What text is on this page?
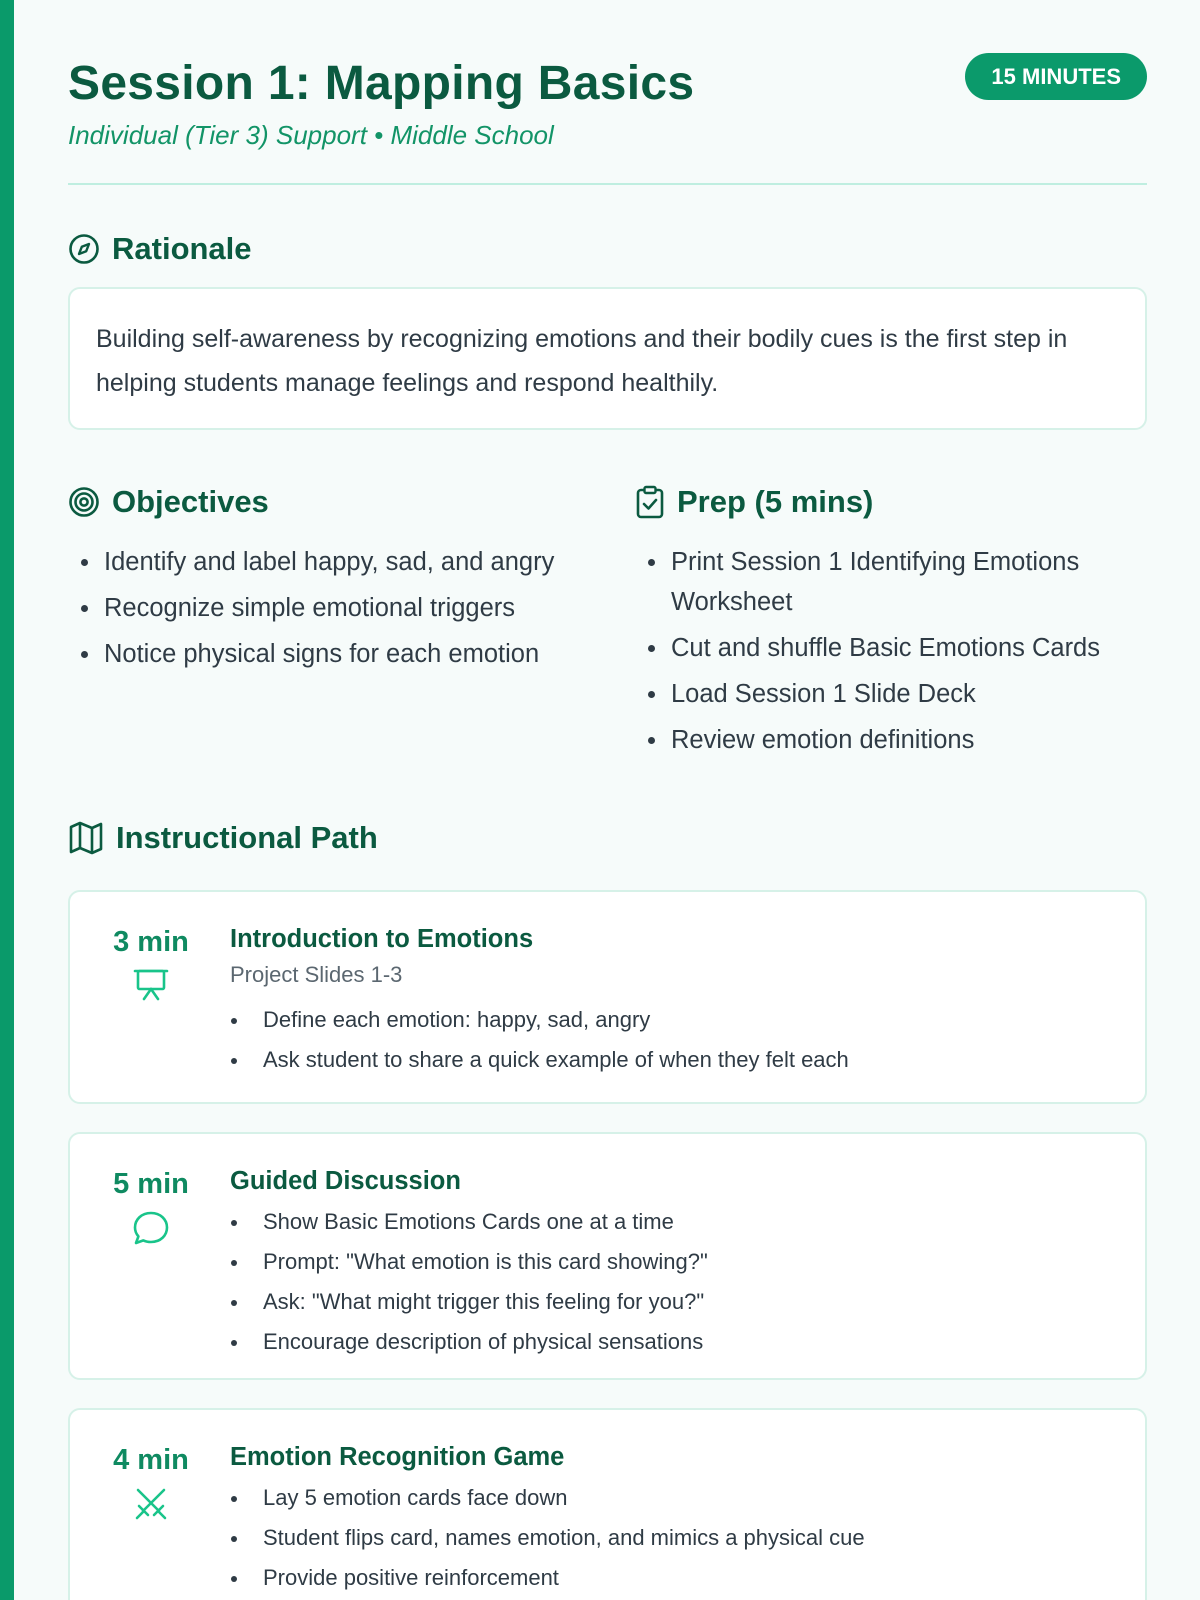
Session 1: Mapping Basics
Individual (Tier 3) Support • Middle School
15 MINUTES
Rationale
Building self-awareness by recognizing emotions and their bodily cues is the first step in helping students manage feelings and respond healthily.
Objectives
Identify and label happy, sad, and angry
Recognize simple emotional triggers
Notice physical signs for each emotion
Prep (5 mins)
Print Session 1 Identifying Emotions Worksheet
Cut and shuffle Basic Emotions Cards
Load Session 1 Slide Deck
Review emotion definitions
Instructional Path
3 min	Introduction to Emotions
Project Slides 1-3
Define each emotion: happy, sad, angry
Ask student to share a quick example of when they felt each
5 min	Guided Discussion
Show Basic Emotions Cards one at a time
Prompt: "What emotion is this card showing?"
Ask: "What might trigger this feeling for you?"
Encourage description of physical sensations
4 min	Emotion Recognition Game
Lay 5 emotion cards face down
Student flips card, names emotion, and mimics a physical cue
Provide positive reinforcement
